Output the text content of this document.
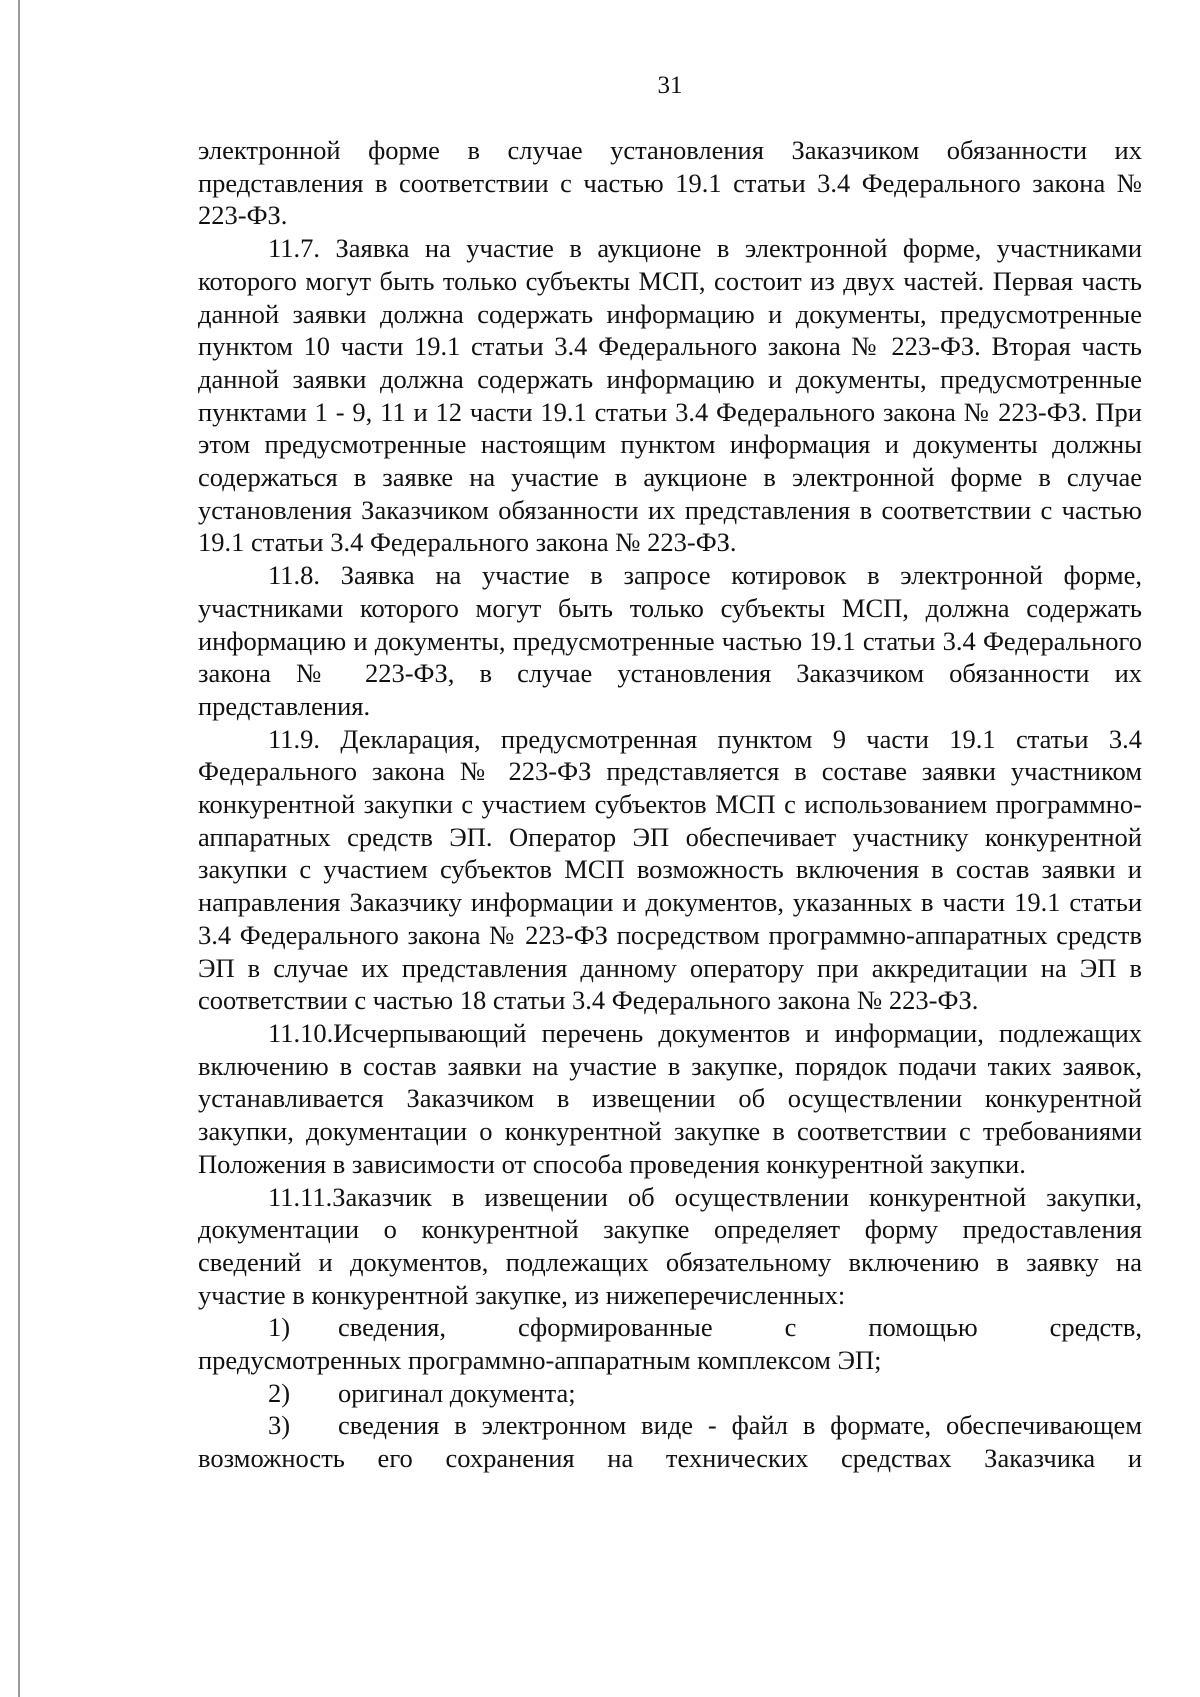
31

электронной форме в случае установления Заказчиком обязанности их представления в соответствии с частью 19.1 статьи 3.4 Федерального закона № 223-ФЗ.

11.7. Заявка на участие в аукционе в электронной форме, участниками которого могут быть только субъекты МСП, состоит из двух частей. Первая часть данной заявки должна содержать информацию и документы, предусмотренные пунктом 10 части 19.1 статьи 3.4 Федерального закона № 223-ФЗ. Вторая часть данной заявки должна содержать информацию и документы, предусмотренные пунктами 1 - 9, 11 и 12 части 19.1 статьи 3.4 Федерального закона № 223-ФЗ. При этом предусмотренные настоящим пунктом информация и документы должны содержаться в заявке на участие в аукционе в электронной форме в случае установления Заказчиком обязанности их представления в соответствии с частью 19.1 статьи 3.4 Федерального закона № 223-ФЗ.

11.8. Заявка на участие в запросе котировок в электронной форме, участниками которого могут быть только субъекты МСП, должна содержать информацию и документы, предусмотренные частью 19.1 статьи 3.4 Федерального закона № 223-ФЗ, в случае установления Заказчиком обязанности их представления.

11.9. Декларация, предусмотренная пунктом 9 части 19.1 статьи 3.4 Федерального закона № 223-ФЗ представляется в составе заявки участником конкурентной закупки с участием субъектов МСП с использованием программно-аппаратных средств ЭП. Оператор ЭП обеспечивает участнику конкурентной закупки с участием субъектов МСП возможность включения в состав заявки и направления Заказчику информации и документов, указанных в части 19.1 статьи 3.4 Федерального закона № 223-ФЗ посредством программно-аппаратных средств ЭП в случае их представления данному оператору при аккредитации на ЭП в соответствии с частью 18 статьи 3.4 Федерального закона № 223-ФЗ.

11.10.Исчерпывающий перечень документов и информации, подлежащих включению в состав заявки на участие в закупке, порядок подачи таких заявок, устанавливается Заказчиком в извещении об осуществлении конкурентной закупки, документации о конкурентной закупке в соответствии с требованиями Положения в зависимости от способа проведения конкурентной закупки.

11.11.Заказчик в извещении об осуществлении конкурентной закупки, документации о конкурентной закупке определяет форму предоставления сведений и документов, подлежащих обязательному включению в заявку на участие в конкурентной закупке, из нижеперечисленных:

1)	сведения, сформированные с помощью средств,

предусмотренных программно-аппаратным комплексом ЭП;

2)	оригинал документа;

3)	сведения в электронном виде - файл в формате, обеспечивающем

возможность его сохранения на технических средствах Заказчика и
